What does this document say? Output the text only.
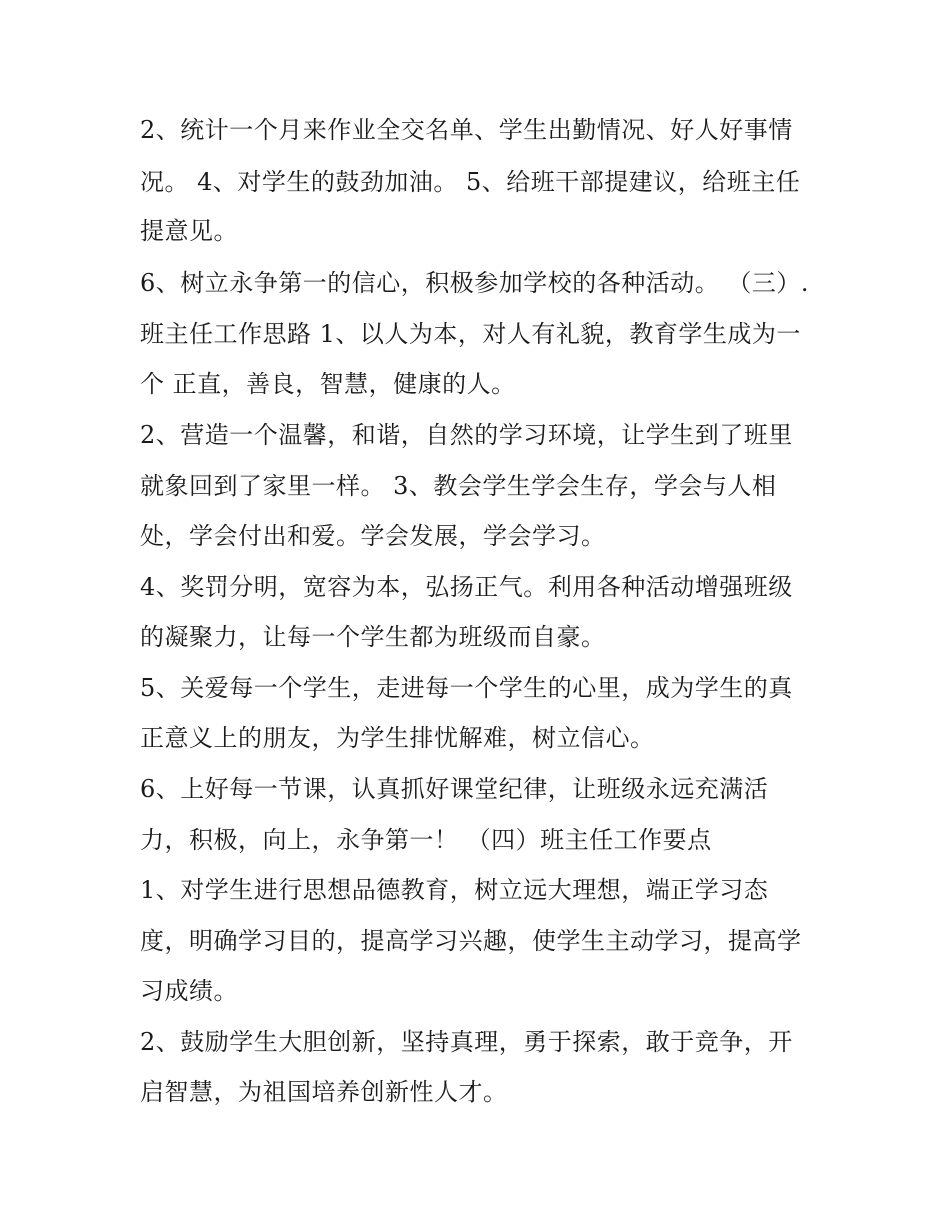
2、统计一个月来作业全交名单、学生出勤情况、好人好事情
况。 4、对学生的鼓劲加油。 5、给班干部提建议，给班主任
提意见。
6、树立永争第一的信心，积极参加学校的各种活动。 （三）.
班主任工作思路 1、以人为本，对人有礼貌，教育学生成为一
个 正直，善良，智慧，健康的人。
2、营造一个温馨，和谐，自然的学习环境，让学生到了班里
就象回到了家里一样。 3、教会学生学会生存，学会与人相
处，学会付出和爱。学会发展，学会学习。
4、奖罚分明，宽容为本，弘扬正气。利用各种活动增强班级
的凝聚力，让每一个学生都为班级而自豪。
5、关爱每一个学生，走进每一个学生的心里，成为学生的真
正意义上的朋友，为学生排忧解难，树立信心。
6、上好每一节课，认真抓好课堂纪律，让班级永远充满活
力，积极，向上，永争第一！ （四）班主任工作要点
1、对学生进行思想品德教育，树立远大理想，端正学习态
度，明确学习目的，提高学习兴趣，使学生主动学习，提高学
习成绩。
2、鼓励学生大胆创新，坚持真理，勇于探索，敢于竞争，开
启智慧，为祖国培养创新性人才。
